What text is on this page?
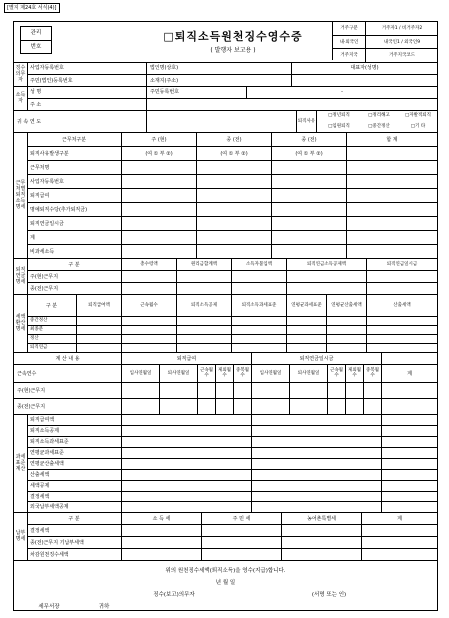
[별지 제24호 서식(4)]
관리
번호
□퇴직소득원천징수영수증
( 발행자 보고용 )
거주구분	거주자1 / 비거주자2
내·외국인	내국인1 / 외국인9
거주지국	거주지국코드
징수의무자
사업자등록번호	법인명(상호)	대표자(성명)
주민(법인)등록번호	소재지(주소)
소득자
성 명	주민등록번호	-
주 소
귀 속 연 도	퇴직사유
□정년퇴직	□정리해고	□자발적퇴직
□임원퇴직	□중간정산	□기 타
근무처별퇴직소득명세
근무처구분	주 (현)	종 (전)	종 (전)	합 계
퇴직사유발생구분	(여 ① 부 ②)	(여 ① 부 ②)	(여 ① 부 ②)
근무처명
사업자등록번호
퇴직급여
명예퇴직수당(추가퇴직금)
퇴직연금일시금
계
비과세소득
퇴직연금명세
구 분	총수령액	원리금합계액	소득자불입액	퇴직연금소득공제액	퇴직연금일시금
주(현)근무지
종(전)근무지
세액환산명세
구 분	퇴직급여액	근속월수	퇴직소득공제	퇴직소득과세표준	연평균과세표준	연평균산출세액	산출세액
중간정산
최종분
정산
퇴직연금
계 산 내 용	퇴직급여	퇴직연금일시금
근속연수	입사연월일	퇴사연월일	근속월수
제외월수
중복월수	입사연월일	퇴사연월일	근속월수
제외월수
중복월수	계
주(현)근무지
종(전)근무지
과세표준계산
퇴직급여액
퇴직소득공제
퇴직소득과세표준
연평균과세표준
연평균산출세액
산출세액
세액공제
결정세액
외국납부세액공제
납부명세
구 분	소 득 세	주 민 세	농어촌특별세	계
결정세액
종(전)근무지 기납부세액
차감원천징수세액
위의 원천징수세액(퇴직소득)을 영수(지급)합니다.
년 월 일
징수(보고)의무자	(서명 또는 인)
세무서장	귀하
